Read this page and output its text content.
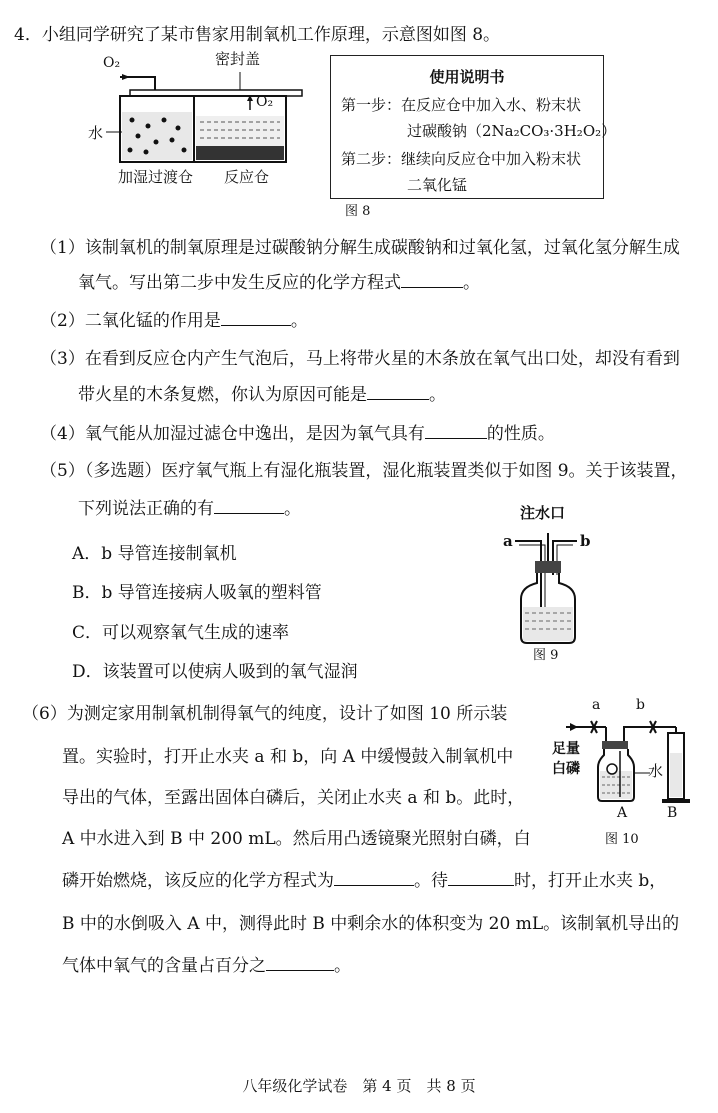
4．小组同学研究了某市售家用制氧机工作原理，示意图如图 8。
O₂	密封盖
O₂
水
加湿过渡仓 反应仓
使用说明书
第一步：在反应仓中加入水、粉末状
过碳酸钠（2Na₂CO₃·3H₂O₂）
第二步：继续向反应仓中加入粉末状
二氧化锰
图 8
（1）该制氧机的制氧原理是过碳酸钠分解生成碳酸钠和过氧化氢，过氧化氢分解生成
氧气。写出第二步中发生反应的化学方程式	。
（2）二氧化锰的作用是	。
（3）在看到反应仓内产生气泡后，马上将带火星的木条放在氧气出口处，却没有看到
带火星的木条复燃，你认为原因可能是	。
（4）氧气能从加湿过滤仓中逸出，是因为氧气具有	的性质。
（5）（多选题）医疗氧气瓶上有湿化瓶装置，湿化瓶装置类似于如图 9。关于该装置，
下列说法正确的有	。
A．b 导管连接制氧机
B．b 导管连接病人吸氧的塑料管
C．可以观察氧气生成的速率
D．该装置可以使病人吸到的氧气湿润
注水口
a	b
图 9
（6）为测定家用制氧机制得氧气的纯度，设计了如图 10 所示装
置。实验时，打开止水夹 a 和 b，向 A 中缓慢鼓入制氧机中
导出的气体，至露出固体白磷后，关闭止水夹 a 和 b。此时，
A 中水进入到 B 中 200 mL。然后用凸透镜聚光照射白磷，白
磷开始燃烧，该反应的化学方程式为	。待	时，打开止水夹 b，
B 中的水倒吸入 A 中，测得此时 B 中剩余水的体积变为 20 mL。该制氧机导出的
气体中氧气的含量占百分之	。
a	b
足量
白磷	水
A	B
图 10
八年级化学试卷　第 4 页　共 8 页
